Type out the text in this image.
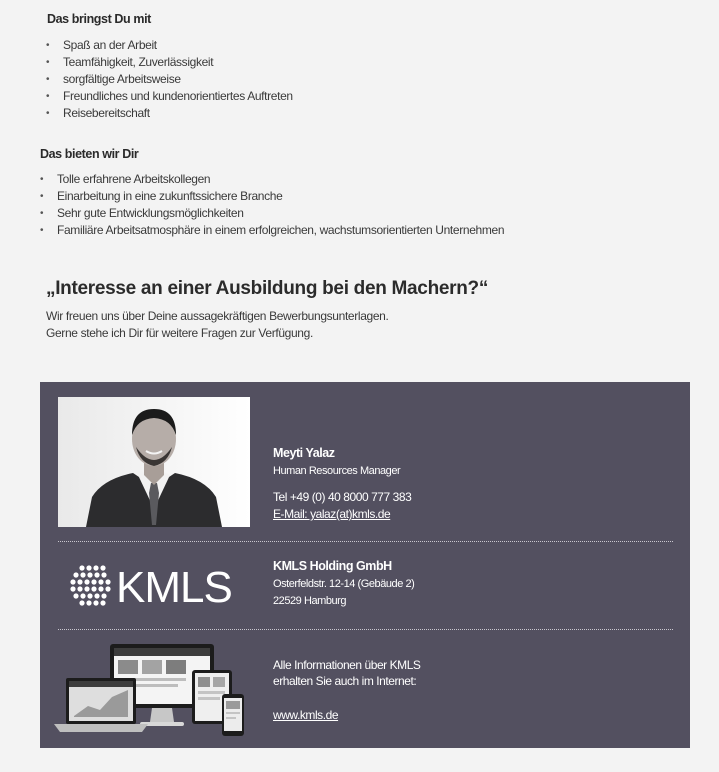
Das bringst Du mit
• Spaß an der Arbeit
• Teamfähigkeit, Zuverlässigkeit
• sorgfältige Arbeitsweise
• Freundliches und kundenorientiertes Auftreten
• Reisebereitschaft
Das bieten wir Dir
• Tolle erfahrene Arbeitskollegen
• Einarbeitung in eine zukunftssichere Branche
• Sehr gute Entwicklungsmöglichkeiten
• Familiäre Arbeitsatmosphäre in einem erfolgreichen, wachstumsorientierten Unternehmen
„Interesse an einer Ausbildung bei den Machern?“
Wir freuen uns über Deine aussagekräftigen Bewerbungsunterlagen.
Gerne stehe ich Dir für weitere Fragen zur Verfügung.
Meyti Yalaz
Human Resources Manager
Tel +49 (0) 40 8000 777 383
E-Mail: yalaz(at)kmls.de
KMLS	KMLS Holding GmbH
Osterfeldstr. 12-14 (Gebäude 2)
22529 Hamburg
Alle Informationen über KMLS
erhalten Sie auch im Internet:
www.kmls.de
